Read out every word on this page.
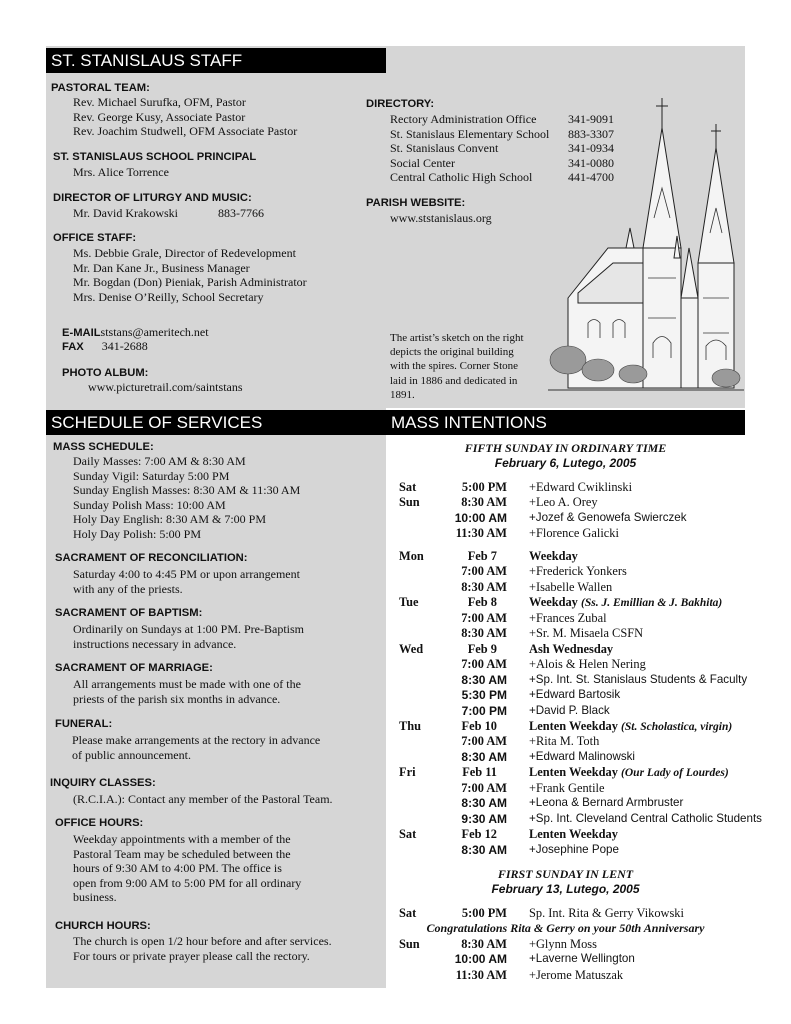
ST. STANISLAUS STAFF
PASTORAL TEAM:
Rev. Michael Surufka, OFM, Pastor
Rev. George Kusy, Associate Pastor
Rev. Joachim Studwell, OFM Associate Pastor
ST. STANISLAUS SCHOOL PRINCIPAL
Mrs. Alice Torrence
DIRECTOR OF LITURGY AND MUSIC:
Mr. David Krakowski	883-7766
OFFICE STAFF:
Ms. Debbie Grale, Director of Redevelopment
Mr. Dan Kane Jr., Business Manager
Mr. Bogdan (Don) Pieniak, Parish Administrator
Mrs. Denise O’Reilly, School Secretary
E-MAILststans@ameritech.net
FAX 341-2688
PHOTO ALBUM:
www.picturetrail.com/saintstans
DIRECTORY:
Rectory Administration Office	341-9091
St. Stanislaus Elementary School 883-3307
St. Stanislaus Convent	341-0934
Social Center	341-0080
Central Catholic High School	441-4700
PARISH WEBSITE:
www.ststanislaus.org
The artist’s sketch on the right
depicts the original building
with the spires. Corner Stone
laid in 1886 and dedicated in
1891.
SCHEDULE OF SERVICES
MASS SCHEDULE:
Daily Masses: 7:00 AM & 8:30 AM
Sunday Vigil: Saturday 5:00 PM
Sunday English Masses: 8:30 AM & 11:30 AM
Sunday Polish Mass: 10:00 AM
Holy Day English: 8:30 AM & 7:00 PM
Holy Day Polish: 5:00 PM
SACRAMENT OF RECONCILIATION:
Saturday 4:00 to 4:45 PM or upon arrangement
with any of the priests.
SACRAMENT OF BAPTISM:
Ordinarily on Sundays at 1:00 PM. Pre-Baptism
instructions necessary in advance.
SACRAMENT OF MARRIAGE:
All arrangements must be made with one of the
priests of the parish six months in advance.
FUNERAL:
Please make arrangements at the rectory in advance
of public announcement.
INQUIRY CLASSES:
(R.C.I.A.): Contact any member of the Pastoral Team.
OFFICE HOURS:
Weekday appointments with a member of the
Pastoral Team may be scheduled between the
hours of 9:30 AM to 4:00 PM. The office is
open from 9:00 AM to 5:00 PM for all ordinary
business.
CHURCH HOURS:
The church is open 1/2 hour before and after services.
For tours or private prayer please call the rectory.
MASS INTENTIONS
FIFTH SUNDAY IN ORDINARY TIME
February 6, Lutego, 2005
Sat	5:00 PM +Edward Cwiklinski
Sun	8:30 AM +Leo A. Orey
10:00 AM +Jozef & Genowefa Swierczek
11:30 AM +Florence Galicki
Mon	Feb 7	Weekday
7:00 AM +Frederick Yonkers
8:30 AM +Isabelle Wallen
Tue	Feb 8	Weekday (Ss. J. Emillian & J. Bakhita)
7:00 AM +Frances Zubal
8:30 AM +Sr. M. Misaela CSFN
Wed	Feb 9	Ash Wednesday
7:00 AM +Alois & Helen Nering
8:30 AM +Sp. Int. St. Stanislaus Students & Faculty
5:30 PM +Edward Bartosik
7:00 PM +David P. Black
Thu	Feb 10	Lenten Weekday (St. Scholastica, virgin)
7:00 AM +Rita M. Toth
8:30 AM +Edward Malinowski
Fri	Feb 11	Lenten Weekday (Our Lady of Lourdes)
7:00 AM +Frank Gentile
8:30 AM +Leona & Bernard Armbruster
9:30 AM +Sp. Int. Cleveland Central Catholic Students
Sat	Feb 12	Lenten Weekday
8:30 AM +Josephine Pope
Sat	5:00 PM Sp. Int. Rita & Gerry Vikowski
Sun	8:30 AM +Glynn Moss
10:00 AM +Laverne Wellington
11:30 AM +Jerome Matuszak
FIRST SUNDAY IN LENT
February 13, Lutego, 2005
Congratulations Rita & Gerry on your 50th Anniversary
